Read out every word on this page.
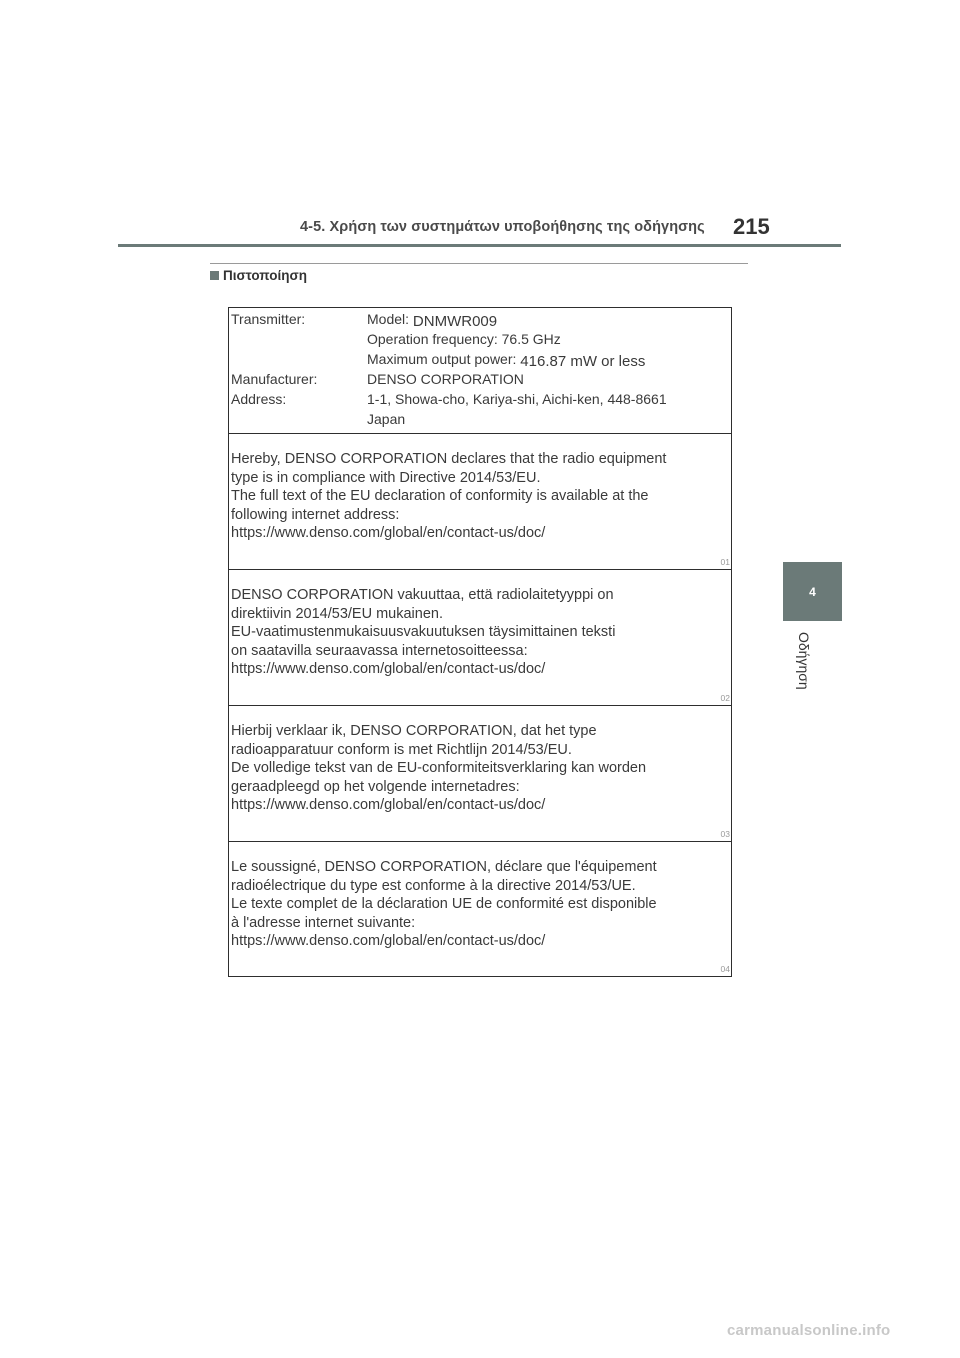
4-5. Χρήση των συστημάτων υποβοήθησης της οδήγησης 215
Πιστοποίηση
4
Οδήγηση
Transmitter:	Model: DNMWR009
Operation frequency: 76.5 GHz
Maximum output power: 416.87 mW or less
Manufacturer:	DENSO CORPORATION
Address:	1-1, Showa-cho, Kariya-shi, Aichi-ken, 448-8661
Japan
Hereby, DENSO CORPORATION declares that the radio equipment
type is in compliance with Directive 2014/53/EU.
The full text of the EU declaration of conformity is available at the
following internet address:
https://www.denso.com/global/en/contact-us/doc/
01
DENSO CORPORATION vakuuttaa, että radiolaitetyyppi on
direktiivin 2014/53/EU mukainen.
EU-vaatimustenmukaisuusvakuutuksen täysimittainen teksti
on saatavilla seuraavassa internetosoitteessa:
https://www.denso.com/global/en/contact-us/doc/
02
Hierbij verklaar ik, DENSO CORPORATION, dat het type
radioapparatuur conform is met Richtlijn 2014/53/EU.
De volledige tekst van de EU-conformiteitsverklaring kan worden
geraadpleegd op het volgende internetadres:
https://www.denso.com/global/en/contact-us/doc/
03
Le soussigné, DENSO CORPORATION, déclare que l'équipement
radioélectrique du type est conforme à la directive 2014/53/UE.
Le texte complet de la déclaration UE de conformité est disponible
à l'adresse internet suivante:
https://www.denso.com/global/en/contact-us/doc/
04
carmanualsonline.info
